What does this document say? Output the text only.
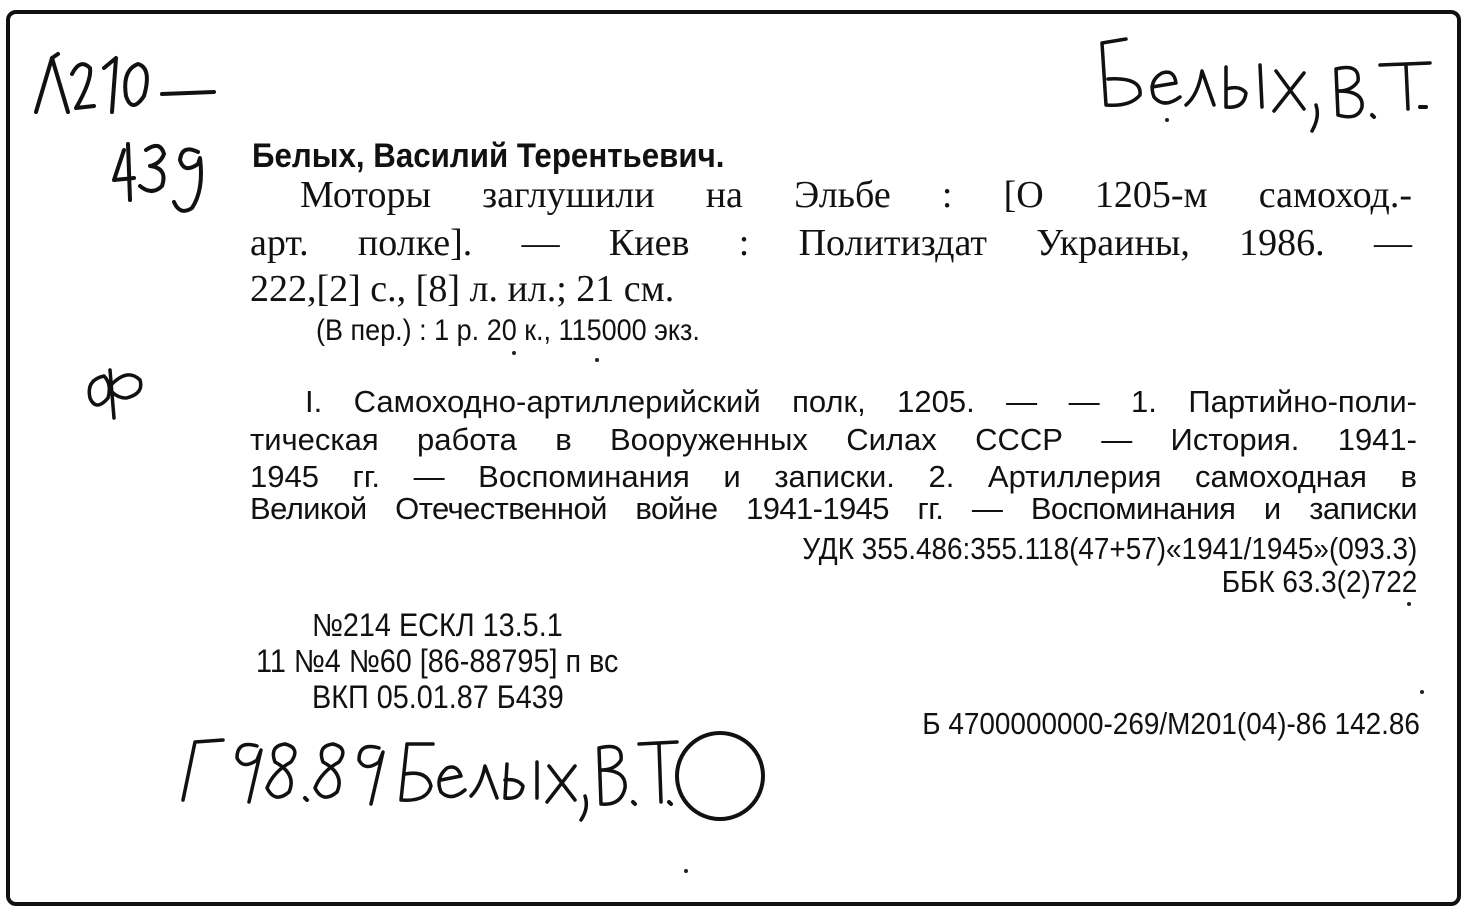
Белых, Василий Терентьевич.
Моторы заглушили на Эльбе : [О 1205-м самоход.-
арт. полке]. — Киев : Политиздат Украины, 1986. —
222,[2] с., [8] л. ил.; 21 см.
(В пер.) : 1 р. 20 к., 115000 экз.
I. Самоходно-артиллерийский полк, 1205. — — 1. Партийно-поли-
тическая работа в Вооруженных Силах СССР — История. 1941-
1945 гг. — Воспоминания и записки. 2. Артиллерия самоходная в
Великой Отечественной войне 1941-1945 гг. — Воспоминания и записки
УДК 355.486:355.118(47+57)«1941/1945»(093.3)
ББК 63.3(2)722
№214 ЕСКЛ 13.5.1
11 №4 №60 [86-88795] п вс
ВКП 05.01.87 Б439
Б 4700000000-269/М201(04)-86 142.86
